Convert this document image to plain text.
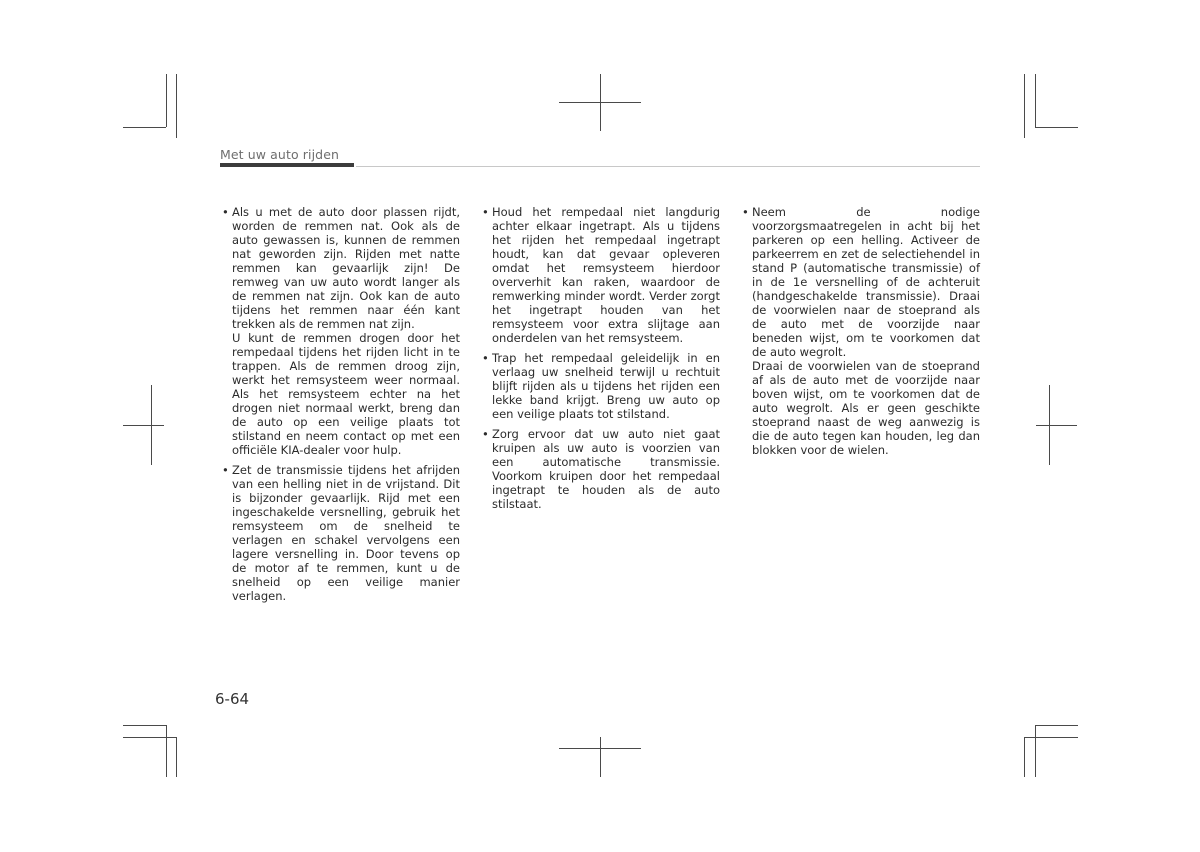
Met uw auto rijden
• Als u met de auto door plassen rijdt, worden de remmen nat. Ook als de auto gewassen is, kunnen de remmen nat geworden zijn. Rijden met natte remmen kan gevaarlijk zijn! De remweg van uw auto wordt langer als de remmen nat zijn. Ook kan de auto tijdens het remmen naar één kant trekken als de remmen nat zijn.
U kunt de remmen drogen door het rempedaal tijdens het rijden licht in te trappen. Als de remmen droog zijn, werkt het remsysteem weer normaal. Als het remsysteem echter na het drogen niet normaal werkt, breng dan de auto op een veilige plaats tot stilstand en neem contact op met een officiële KIA-dealer voor hulp.
• Zet de transmissie tijdens het afrijden van een helling niet in de vrijstand. Dit is bijzonder gevaarlijk. Rijd met een ingeschakelde versnelling, gebruik het remsysteem om de snelheid te verlagen en schakel vervolgens een lagere versnelling in. Door tevens op de motor af te remmen, kunt u de snelheid op een veilige manier verlagen.
• Houd het rempedaal niet langdurig achter elkaar ingetrapt. Als u tijdens het rijden het rempedaal ingetrapt houdt, kan dat gevaar opleveren omdat het remsysteem hierdoor oververhit kan raken, waardoor de remwerking minder wordt. Verder zorgt het ingetrapt houden van het remsysteem voor extra slijtage aan onderdelen van het remsysteem.
• Trap het rempedaal geleidelijk in en verlaag uw snelheid terwijl u rechtuit blijft rijden als u tijdens het rijden een lekke band krijgt. Breng uw auto op een veilige plaats tot stilstand.
• Zorg ervoor dat uw auto niet gaat kruipen als uw auto is voorzien van een automatische transmissie. Voorkom kruipen door het rempedaal ingetrapt te houden als de auto stilstaat.
• Neem de nodige voorzorgsmaatregelen in acht bij het parkeren op een helling. Activeer de parkeerrem en zet de selectiehendel in stand P (automatische transmissie) of in de 1e versnelling of de achteruit (handgeschakelde transmissie). Draai de voorwielen naar de stoeprand als de auto met de voorzijde naar beneden wijst, om te voorkomen dat de auto wegrolt.
Draai de voorwielen van de stoeprand af als de auto met de voorzijde naar boven wijst, om te voorkomen dat de auto wegrolt. Als er geen geschikte stoeprand naast de weg aanwezig is die de auto tegen kan houden, leg dan blokken voor de wielen.
6-64
